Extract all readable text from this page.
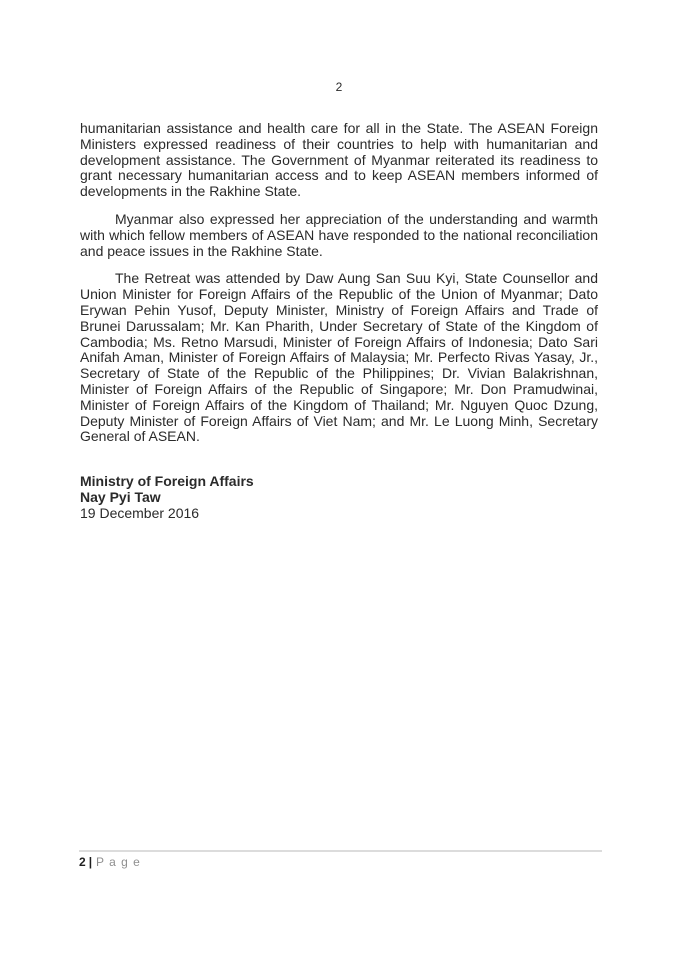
2

humanitarian assistance and health care for all in the State. The ASEAN Foreign Ministers expressed readiness of their countries to help with humanitarian and development assistance. The Government of Myanmar reiterated its readiness to grant necessary humanitarian access and to keep ASEAN members informed of developments in the Rakhine State.

Myanmar also expressed her appreciation of the understanding and warmth with which fellow members of ASEAN have responded to the national reconciliation and peace issues in the Rakhine State.

The Retreat was attended by Daw Aung San Suu Kyi, State Counsellor and Union Minister for Foreign Affairs of the Republic of the Union of Myanmar; Dato Erywan Pehin Yusof, Deputy Minister, Ministry of Foreign Affairs and Trade of Brunei Darussalam; Mr. Kan Pharith, Under Secretary of State of the Kingdom of Cambodia; Ms. Retno Marsudi, Minister of Foreign Affairs of Indonesia; Dato Sari Anifah Aman, Minister of Foreign Affairs of Malaysia; Mr. Perfecto Rivas Yasay, Jr., Secretary of State of the Republic of the Philippines; Dr. Vivian Balakrishnan, Minister of Foreign Affairs of the Republic of Singapore; Mr. Don Pramudwinai, Minister of Foreign Affairs of the Kingdom of Thailand; Mr. Nguyen Quoc Dzung, Deputy Minister of Foreign Affairs of Viet Nam; and Mr. Le Luong Minh, Secretary General of ASEAN.

Ministry of Foreign Affairs
Nay Pyi Taw
19 December 2016
2 | P a g e
